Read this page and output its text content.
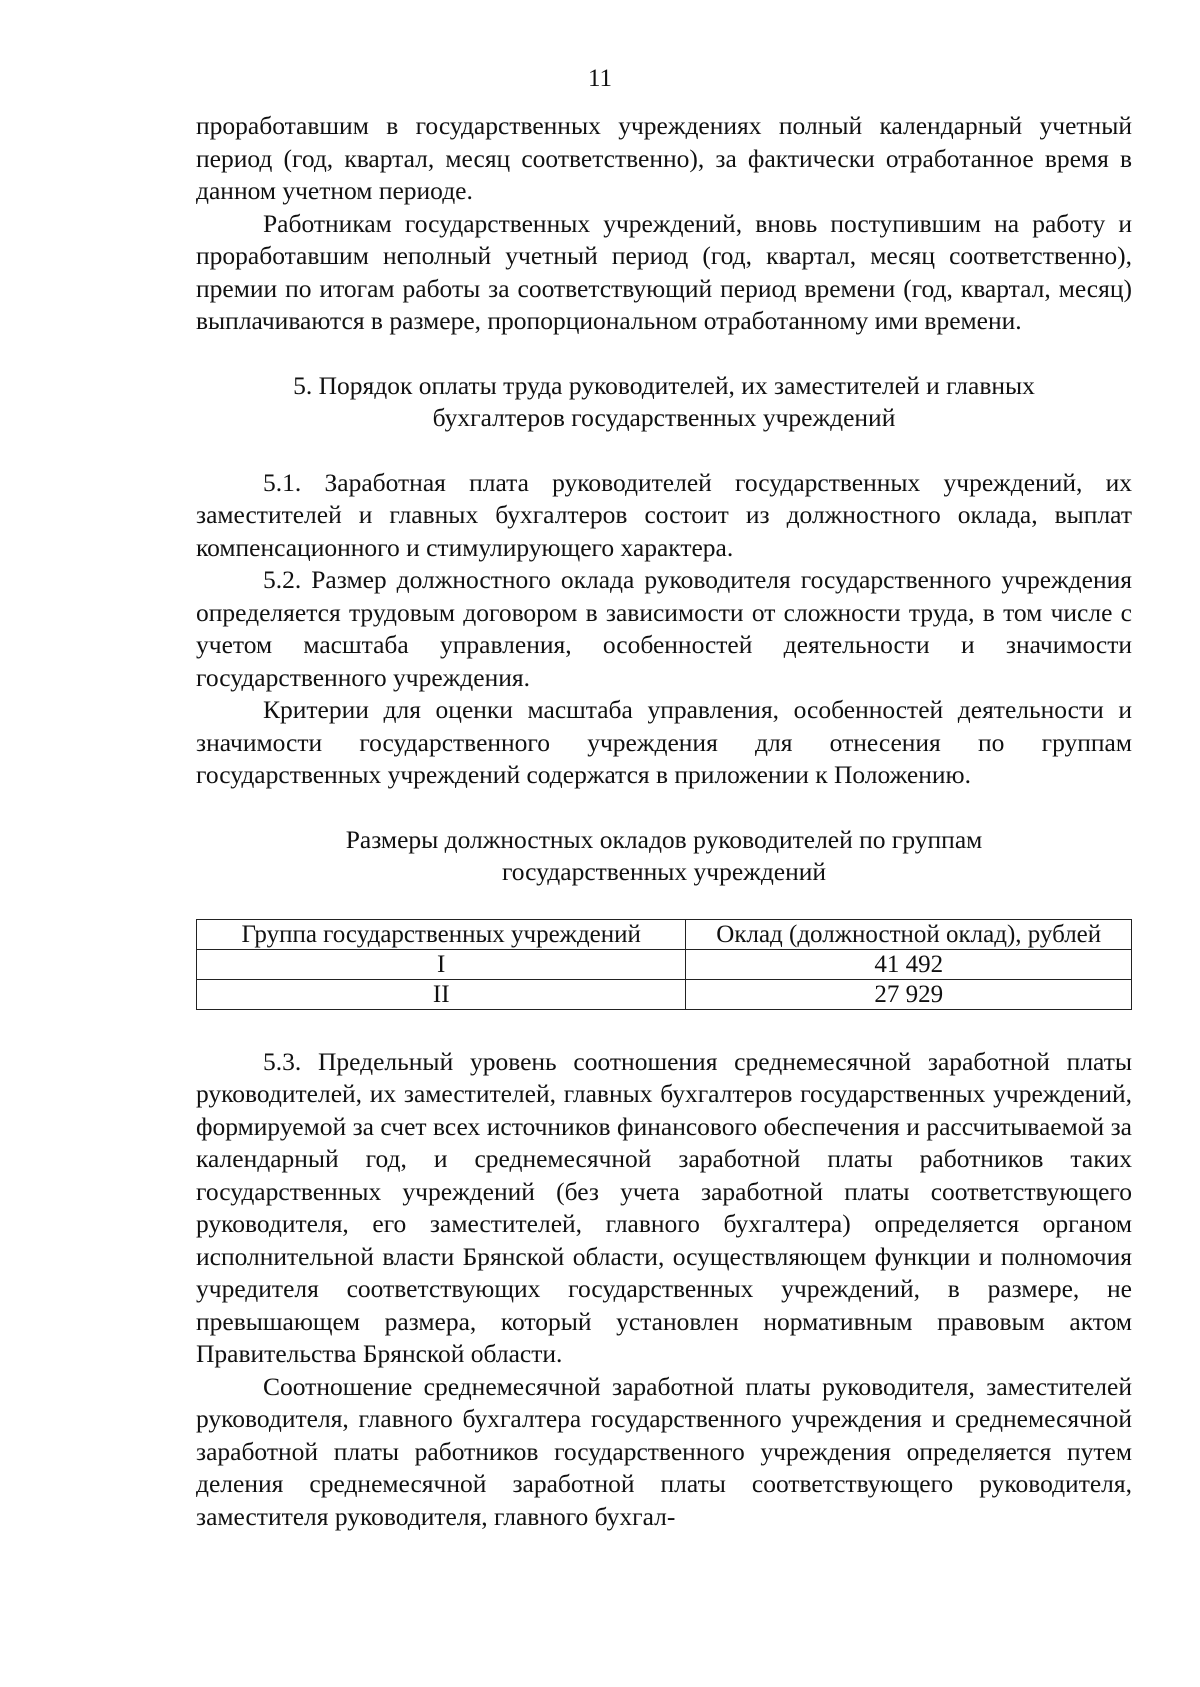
11

проработавшим в государственных учреждениях полный календарный учетный период (год, квартал, месяц соответственно), за фактически отработанное время в данном учетном периоде.

Работникам государственных учреждений, вновь поступившим на работу и проработавшим неполный учетный период (год, квартал, месяц соответственно), премии по итогам работы за соответствующий период времени (год, квартал, месяц) выплачиваются в размере, пропорциональном отработанному ими времени.

5. Порядок оплаты труда руководителей, их заместителей и главных

бухгалтеров государственных учреждений

5.1. Заработная плата руководителей государственных учреждений, их заместителей и главных бухгалтеров состоит из должностного оклада, выплат компенсационного и стимулирующего характера.

5.2. Размер должностного оклада руководителя государственного учреждения определяется трудовым договором в зависимости от сложности труда, в том числе с учетом масштаба управления, особенностей деятельности и значимости государственного учреждения.

Критерии для оценки масштаба управления, особенностей деятельности и значимости государственного учреждения для отнесения по группам государственных учреждений содержатся в приложении к Положению.

Размеры должностных окладов руководителей по группам

государственных учреждений

Группа государственных учреждений	Оклад (должностной оклад), рублей
I	41 492
II	27 929

5.3. Предельный уровень соотношения среднемесячной заработной платы руководителей, их заместителей, главных бухгалтеров государственных учреждений, формируемой за счет всех источников финансового обеспечения и рассчитываемой за календарный год, и среднемесячной заработной платы работников таких государственных учреждений (без учета заработной платы соответствующего руководителя, его заместителей, главного бухгалтера) определяется органом исполнительной власти Брянской области, осуществляющем функции и полномочия учредителя соответствующих государственных учреждений, в размере, не превышающем размера, который установлен нормативным правовым актом Правительства Брянской области.

Соотношение среднемесячной заработной платы руководителя, заместителей руководителя, главного бухгалтера государственного учреждения и среднемесячной заработной платы работников государственного учреждения определяется путем деления среднемесячной заработной платы соответствующего руководителя, заместителя руководителя, главного бухгал-
